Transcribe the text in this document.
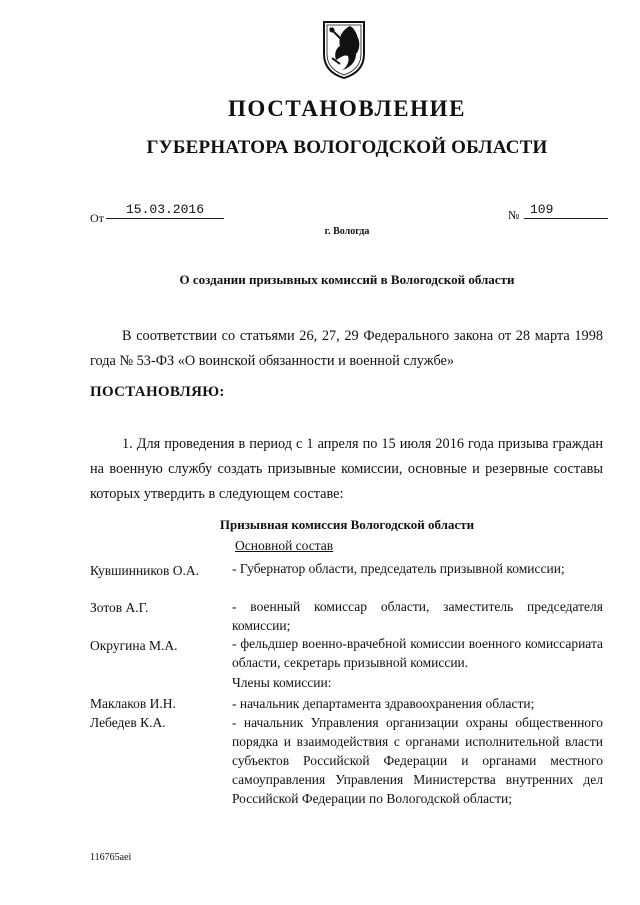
ПОСТАНОВЛЕНИЕ
ГУБЕРНАТОРА ВОЛОГОДСКОЙ ОБЛАСТИ
От
15.03.2016	№ 109
г. Вологда
О создании призывных комиссий в Вологодской области
В соответствии со статьями 26, 27, 29 Федерального закона от 28 марта 1998 года № 53-ФЗ «О воинской обязанности и военной службе»
ПОСТАНОВЛЯЮ:
1. Для проведения в период с 1 апреля по 15 июля 2016 года призыва граждан на военную службу создать призывные комиссии, основные и резервные составы которых утвердить в следующем составе:
Призывная комиссия Вологодской области
Основной состав
Кувшинников О.А. - Губернатор области, председатель призывной комиссии;
Зотов А.Г.	- военный комиссар области, заместитель председателя комиссии;
Округина М.А.	- фельдшер военно-врачебной комиссии военного комиссариата области, секретарь призывной комиссии.
Члены комиссии:
Маклаков И.Н.	- начальник департамента здравоохранения области;
Лебедев К.А.	- начальник Управления организации охраны общественного порядка и взаимодействия с органами исполнительной власти субъектов Российской Федерации и органами местного самоуправления Управления Министерства внутренних дел Российской Федерации по Вологодской области;
116765aei
